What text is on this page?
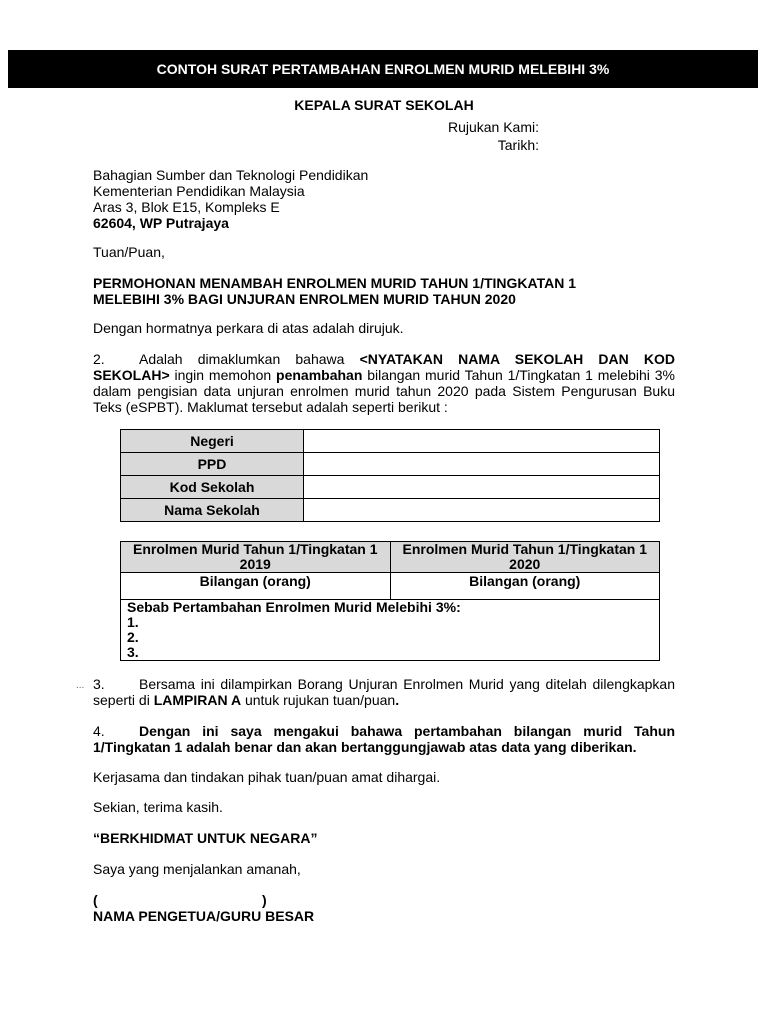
CONTOH SURAT PERTAMBAHAN ENROLMEN MURID MELEBIHI 3%
KEPALA SURAT SEKOLAH
Rujukan Kami:
Tarikh:
Bahagian Sumber dan Teknologi Pendidikan
Kementerian Pendidikan Malaysia
Aras 3, Blok E15, Kompleks E
62604, WP Putrajaya
Tuan/Puan,
PERMOHONAN MENAMBAH ENROLMEN MURID TAHUN 1/TINGKATAN 1
MELEBIHI 3% BAGI UNJURAN ENROLMEN MURID TAHUN 2020
Dengan hormatnya perkara di atas adalah dirujuk.
2. Adalah dimaklumkan bahawa <NYATAKAN NAMA SEKOLAH DAN KOD SEKOLAH> ingin memohon penambahan bilangan murid Tahun 1/Tingkatan 1 melebihi 3% dalam pengisian data unjuran enrolmen murid tahun 2020 pada Sistem Pengurusan Buku Teks (eSPBT). Maklumat tersebut adalah seperti berikut :
Negeri	
PPD	
Kod Sekolah	
Nama Sekolah	
Enrolmen Murid Tahun 1/Tingkatan 1 2019	Enrolmen Murid Tahun 1/Tingkatan 1 2020
Bilangan (orang)	Bilangan (orang)

Sebab Pertambahan Enrolmen Murid Melebihi 3%:
1.
2.
3.	
... 3. Bersama ini dilampirkan Borang Unjuran Enrolmen Murid yang ditelah dilengkapkan seperti di LAMPIRAN A untuk rujukan tuan/puan.
4. Dengan ini saya mengakui bahawa pertambahan bilangan murid Tahun 1/Tingkatan 1 adalah benar dan akan bertanggungjawab atas data yang diberikan.
Kerjasama dan tindakan pihak tuan/puan amat dihargai.
Sekian, terima kasih.
“BERKHIDMAT UNTUK NEGARA”
Saya yang menjalankan amanah,
(	)
NAMA PENGETUA/GURU BESAR
